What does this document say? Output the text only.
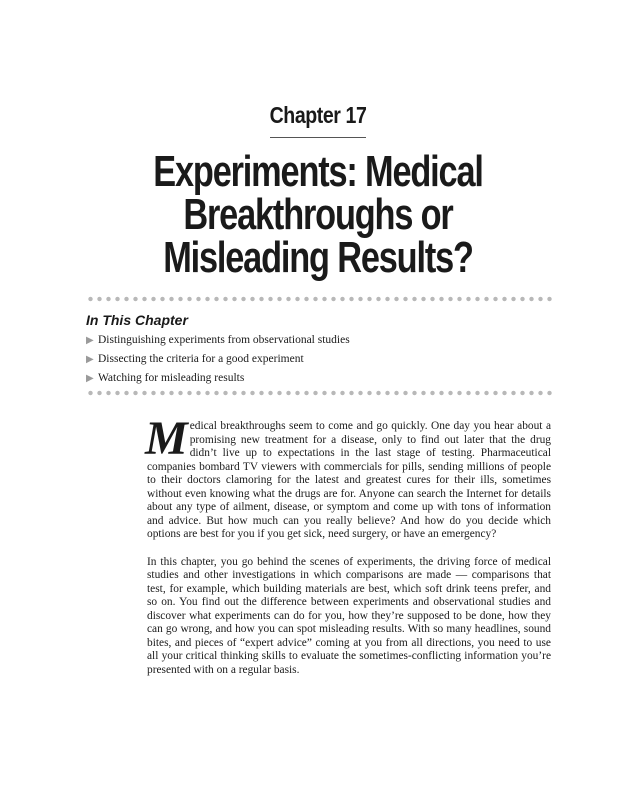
Chapter 17
Experiments: Medical
Breakthroughs or
Misleading Results?
In This Chapter
▶ Distinguishing experiments from observational studies
▶ Dissecting the criteria for a good experiment
▶ Watching for misleading results

Medical breakthroughs seem to come and go quickly. One day you hear about a promising new treatment for a disease, only to find out later that the drug didn’t live up to expectations in the last stage of testing. Pharmaceutical companies bombard TV viewers with commercials for pills, sending millions of people to their doctors clamoring for the latest and greatest cures for their ills, sometimes without even knowing what the drugs are for. Anyone can search the Internet for details about any type of ailment, disease, or symptom and come up with tons of information and advice. But how much can you really believe? And how do you decide which options are best for you if you get sick, need surgery, or have an emergency?

In this chapter, you go behind the scenes of experiments, the driving force of medical studies and other investigations in which comparisons are made — comparisons that test, for example, which building materials are best, which soft drink teens prefer, and so on. You find out the difference between experiments and observational studies and discover what experiments can do for you, how they’re supposed to be done, how they can go wrong, and how you can spot misleading results. With so many headlines, sound bites, and pieces of “expert advice” coming at you from all directions, you need to use all your critical thinking skills to evaluate the sometimes-conflicting information you’re presented with on a regular basis.
